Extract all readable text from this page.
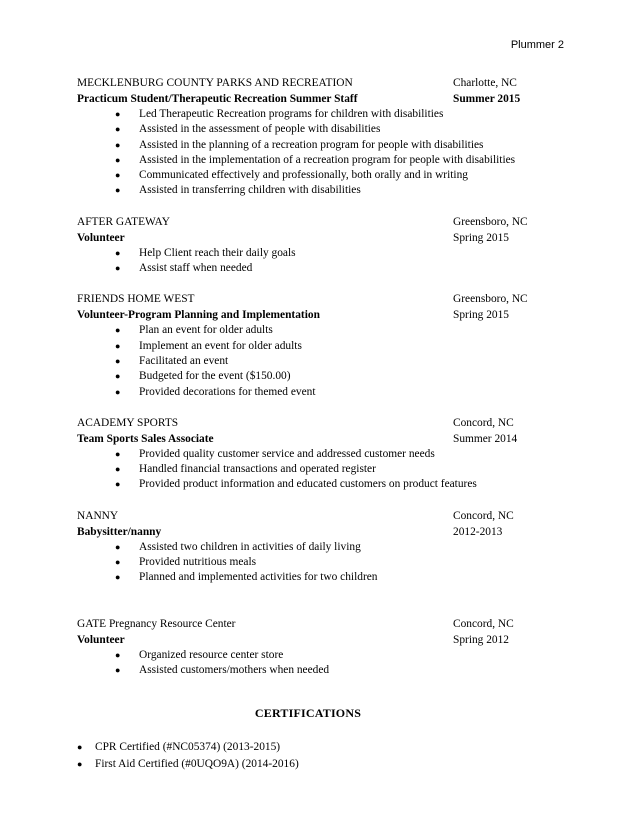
Plummer 2
MECKLENBURG COUNTY PARKS AND RECREATION	Charlotte, NC
Practicum Student/Therapeutic Recreation Summer Staff	Summer 2015
● Led Therapeutic Recreation programs for children with disabilities
● Assisted in the assessment of people with disabilities
● Assisted in the planning of a recreation program for people with disabilities
● Assisted in the implementation of a recreation program for people with disabilities
● Communicated effectively and professionally, both orally and in writing
● Assisted in transferring children with disabilities
AFTER GATEWAY	Greensboro, NC
Volunteer	Spring 2015
● Help Client reach their daily goals
● Assist staff when needed
FRIENDS HOME WEST	Greensboro, NC
Volunteer-Program Planning and Implementation	Spring 2015
● Plan an event for older adults
● Implement an event for older adults
● Facilitated an event
● Budgeted for the event ($150.00)
● Provided decorations for themed event
ACADEMY SPORTS	Concord, NC
Team Sports Sales Associate	Summer 2014
● Provided quality customer service and addressed customer needs
● Handled financial transactions and operated register
● Provided product information and educated customers on product features
NANNY	Concord, NC
Babysitter/nanny	2012-2013
● Assisted two children in activities of daily living
● Provided nutritious meals
● Planned and implemented activities for two children
GATE Pregnancy Resource Center	Concord, NC
Volunteer	Spring 2012
● Organized resource center store
● Assisted customers/mothers when needed
CERTIFICATIONS
● CPR Certified (#NC05374) (2013-2015)
● First Aid Certified (#0UQO9A) (2014-2016)
